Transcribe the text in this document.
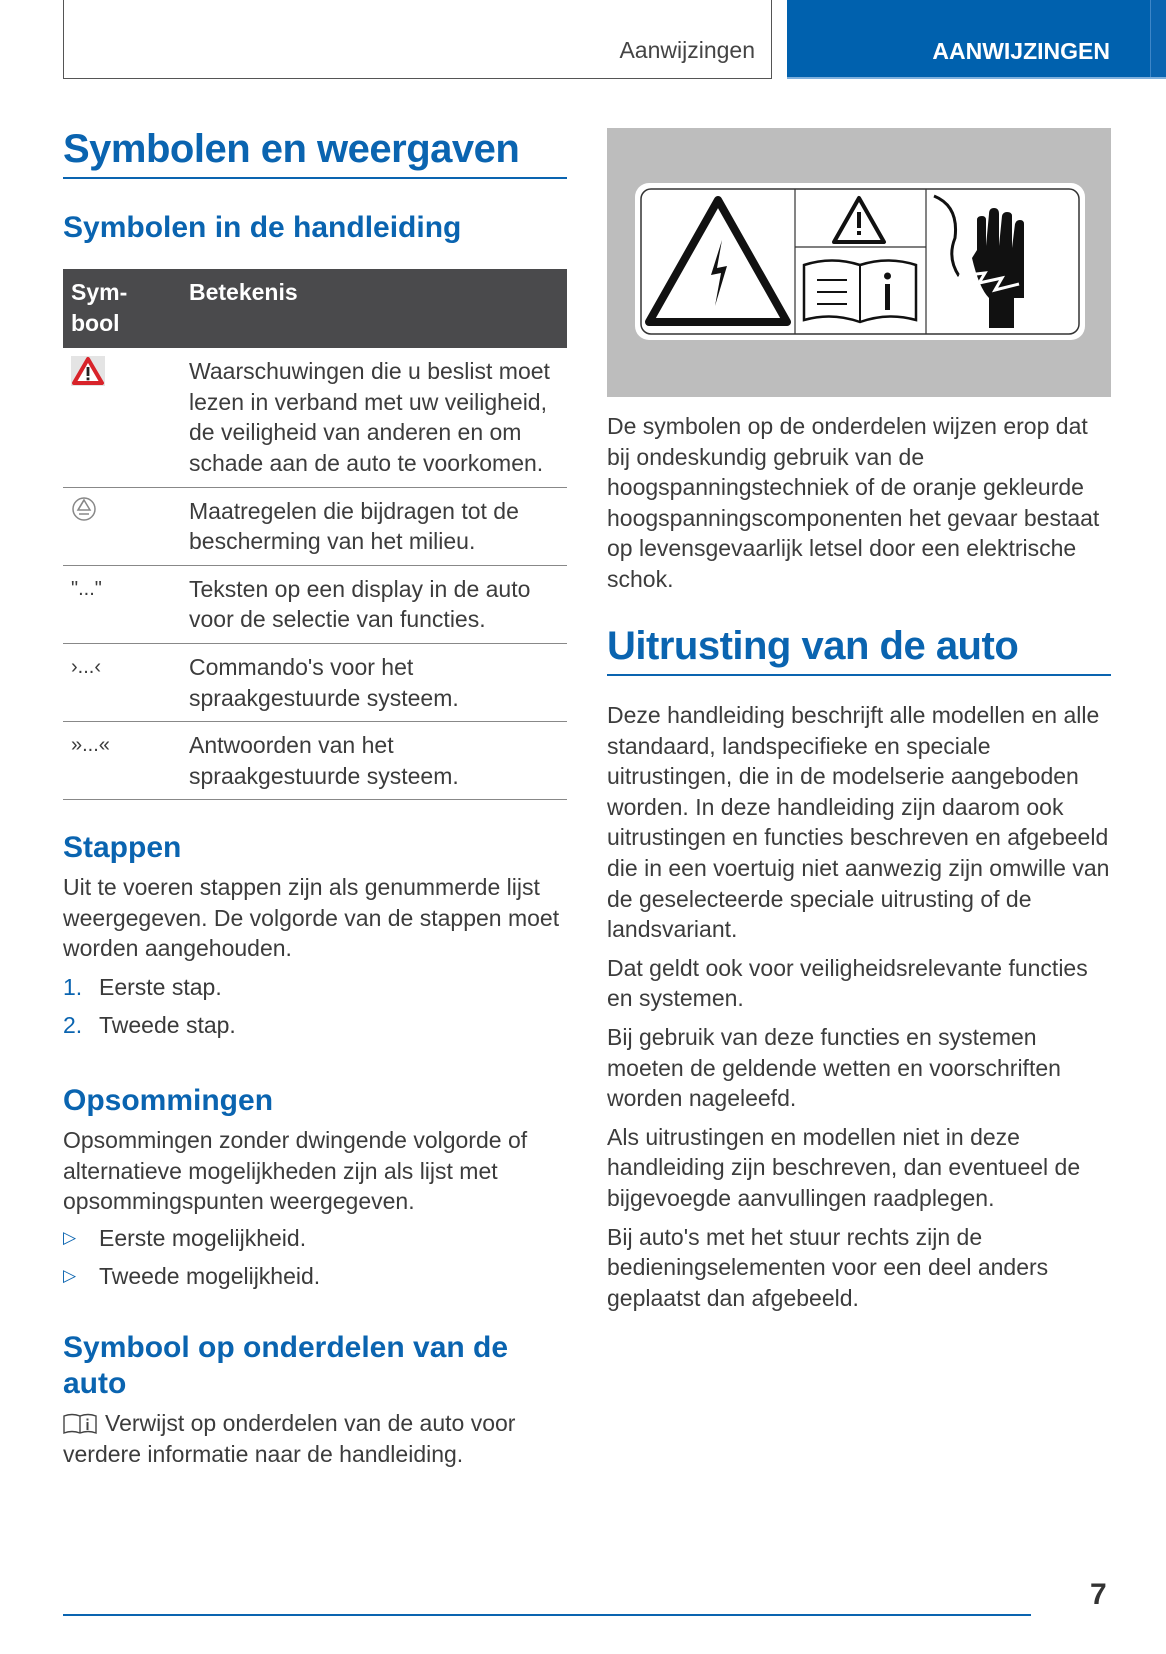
Aanwijzingen	AANWIJZINGEN
Symbolen en weergaven
Symbolen in de handleiding
Sym- bool	Betekenis
	Waarschuwingen die u beslist moet lezen in verband met uw veiligheid, de veiligheid van anderen en om schade aan de auto te voorkomen.
	Maatregelen die bijdragen tot de bescherming van het milieu.
"..."	Teksten op een display in de auto voor de selectie van functies.
›...‹	Commando's voor het spraakgestuurde systeem.
»...«	Antwoorden van het spraakgestuurde systeem.
Stappen
Uit te voeren stappen zijn als genummerde lijst weergegeven. De volgorde van de stappen moet worden aangehouden.
1. Eerste stap.
2. Tweede stap.
Opsommingen
Opsommingen zonder dwingende volgorde of alternatieve mogelijkheden zijn als lijst met opsommingspunten weergegeven.
▷ Eerste mogelijkheid.
▷ Tweede mogelijkheid.
Symbool op onderdelen van de auto
Verwijst op onderdelen van de auto voor verdere informatie naar de handleiding.
De symbolen op de onderdelen wijzen erop dat bij ondeskundig gebruik van de hoogspanningstechniek of de oranje gekleurde hoogspanningscomponenten het gevaar bestaat op levensgevaarlijk letsel door een elektrische schok.
Uitrusting van de auto
Deze handleiding beschrijft alle modellen en alle standaard, landspecifieke en speciale uitrustingen, die in de modelserie aangeboden worden. In deze handleiding zijn daarom ook uitrustingen en functies beschreven en afgebeeld die in een voertuig niet aanwezig zijn omwille van de geselecteerde speciale uitrusting of de landsvariant.
Dat geldt ook voor veiligheidsrelevante functies en systemen.
Bij gebruik van deze functies en systemen moeten de geldende wetten en voorschriften worden nageleefd.
Als uitrustingen en modellen niet in deze handleiding zijn beschreven, dan eventueel de bijgevoegde aanvullingen raadplegen.
Bij auto's met het stuur rechts zijn de bedieningselementen voor een deel anders geplaatst dan afgebeeld.
7
